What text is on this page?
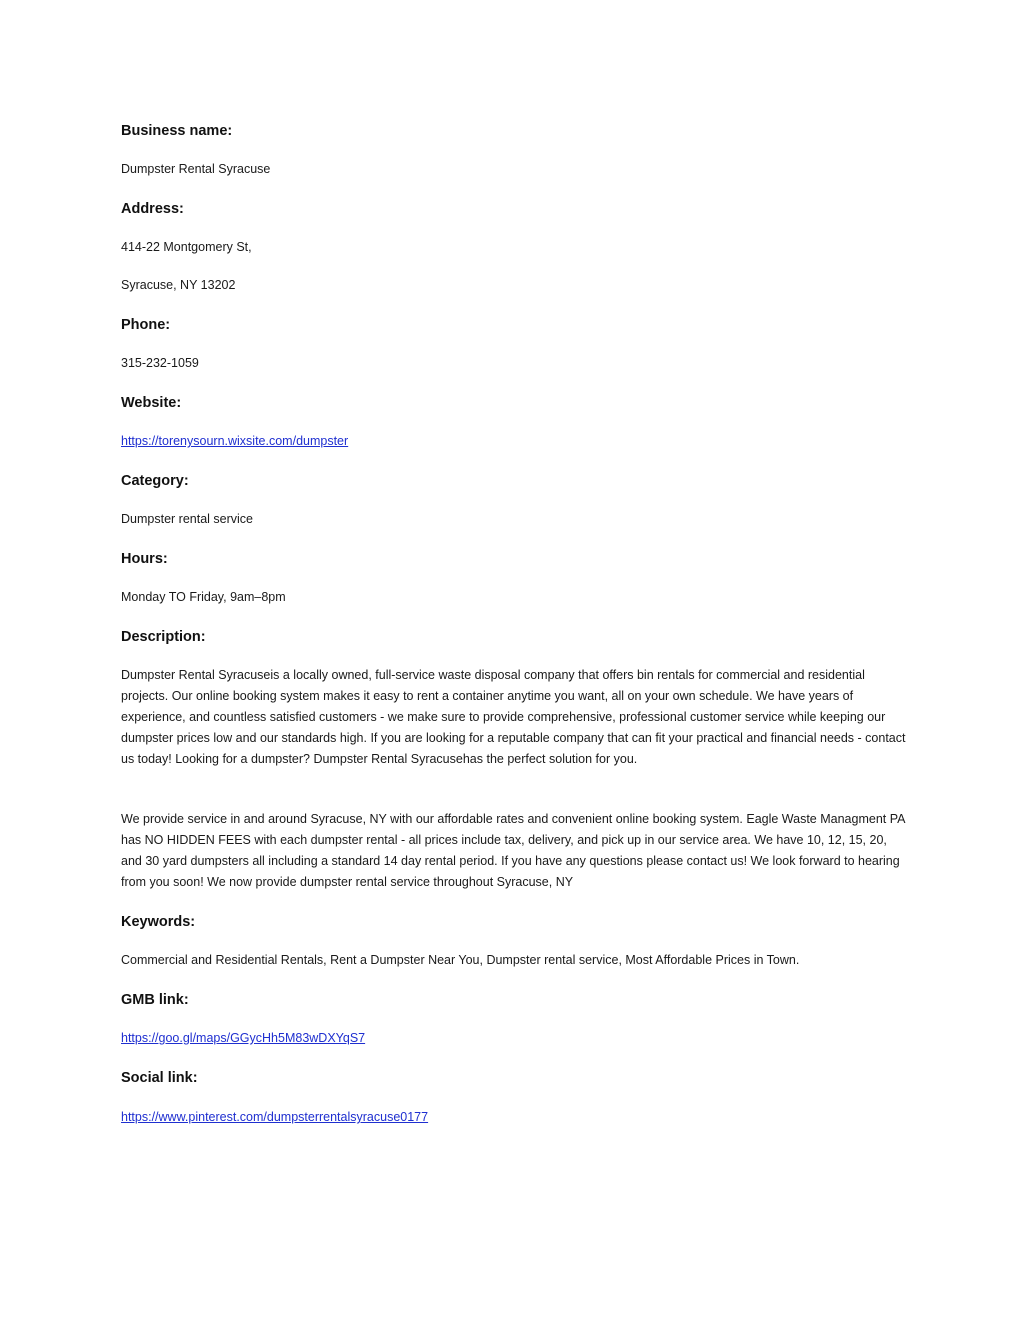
Business name:
Dumpster Rental Syracuse
Address:
414-22 Montgomery St,
Syracuse, NY 13202
Phone:
315-232-1059
Website:
https://torenysourn.wixsite.com/dumpster
Category:
Dumpster rental service
Hours:
Monday TO Friday, 9am–8pm
Description:
Dumpster Rental Syracuseis a locally owned, full-service waste disposal company that offers bin rentals for commercial and residential projects. Our online booking system makes it easy to rent a container anytime you want, all on your own schedule. We have years of experience, and countless satisfied customers - we make sure to provide comprehensive, professional customer service while keeping our dumpster prices low and our standards high. If you are looking for a reputable company that can fit your practical and financial needs - contact us today! Looking for a dumpster? Dumpster Rental Syracusehas the perfect solution for you.
We provide service in and around Syracuse, NY with our affordable rates and convenient online booking system. Eagle Waste Managment PA has NO HIDDEN FEES with each dumpster rental - all prices include tax, delivery, and pick up in our service area. We have 10, 12, 15, 20, and 30 yard dumpsters all including a standard 14 day rental period. If you have any questions please contact us! We look forward to hearing from you soon! We now provide dumpster rental service throughout Syracuse, NY
Keywords:
Commercial and Residential Rentals, Rent a Dumpster Near You, Dumpster rental service, Most Affordable Prices in Town.
GMB link:
https://goo.gl/maps/GGycHh5M83wDXYqS7
Social link:
https://www.pinterest.com/dumpsterrentalsyracuse0177
